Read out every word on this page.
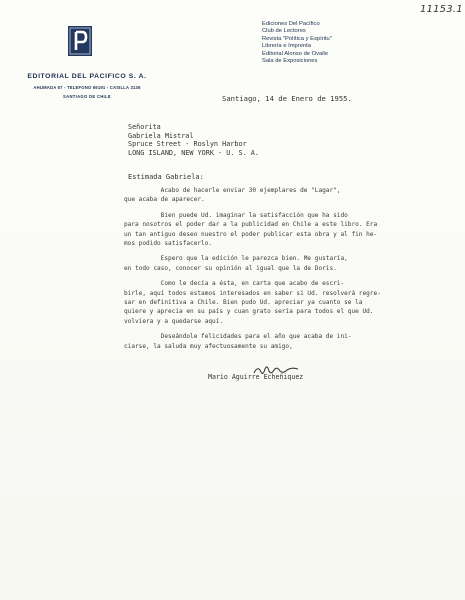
11153.1
EDITORIAL DEL PACIFICO S. A.
AHUMADA 57 - TELEFONO 69191 - CASILLA 3136
SANTIAGO DE CHILE
Ediciones Del Pacífico
Club de Lectores
Revista "Política y Espíritu"
Librería e Imprenta
Editorial Alonso de Ovalle
Sala de Exposiciones
Santiago, 14 de Enero de 1955.
Señorita
Gabriela Mistral
Spruce Street - Roslyn Harbor
LONG ISLAND, NEW YORK - U. S. A.
Estimada Gabriela:
Acabo de hacerle enviar 30 ejemplares de "Lagar",
que acaba de aparecer.
Bien puede Ud. imaginar la satisfacción que ha sido
para nosotros el poder dar a la publicidad en Chile a este libro. Era
un tan antiguo deseo nuestro el poder publicar esta obra y al fin he-
mos podido satisfacerlo.
Espero que la edición le parezca bien. Me gustaría,
en todo caso, conocer su opinión al igual que la de Doris.
Como le decía a ésta, en carta que acabo de escri-
birle, aquí todos estamos interesados en saber si Ud. resolverá regre-
sar en definitiva a Chile. Bien pudo Ud. apreciar ya cuanto se la
quiere y aprecia en su país y cuan grato sería para todos el que Ud.
volviera y a quedarse aquí.
Deseándole felicidades para el año que acaba de ini-
ciarse, la saluda muy afectuosamente su amigo,
Mario Aguirre Echeñiquez
